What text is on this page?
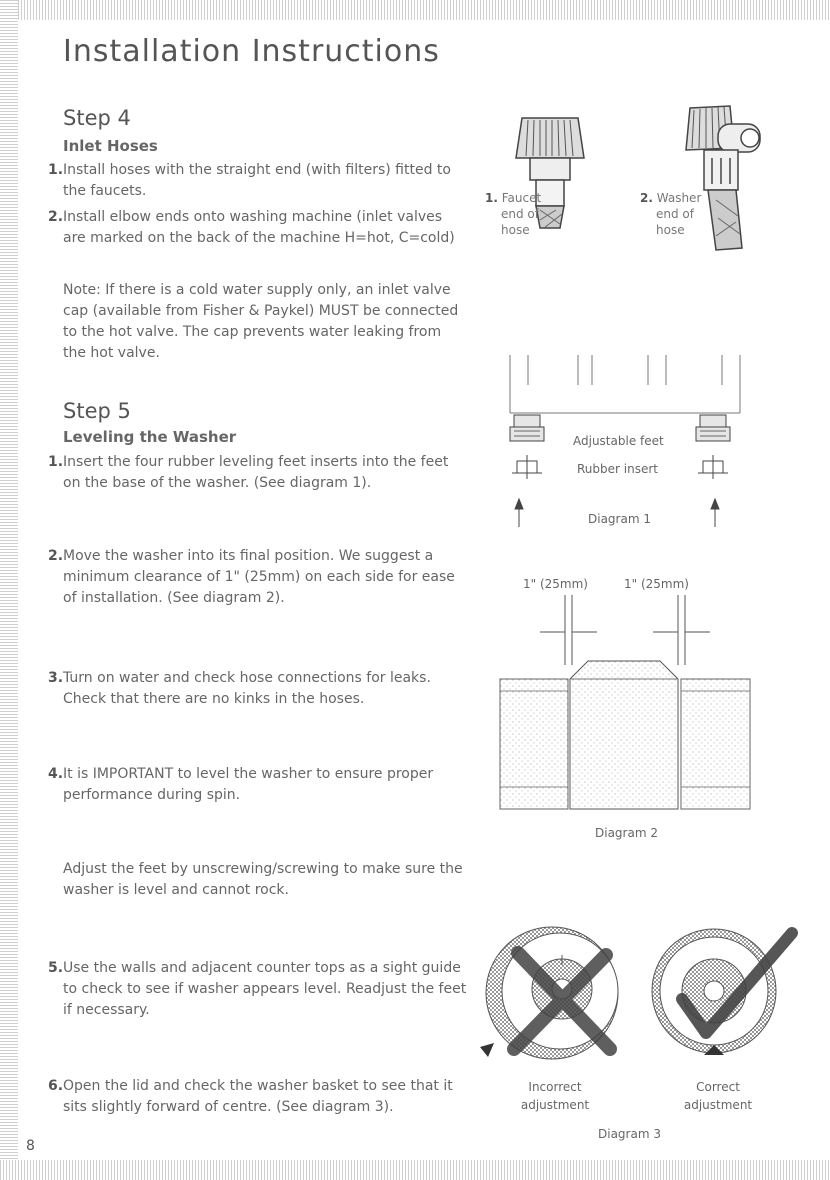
Installation Instructions
Step 4
Inlet Hoses
1. Install hoses with the straight end (with filters) fitted to the faucets.
2. Install elbow ends onto washing machine (inlet valves are marked on the back of the machine H=hot, C=cold)
Note: If there is a cold water supply only, an inlet valve cap (available from Fisher & Paykel) MUST be connected to the hot valve. The cap prevents water leaking from the hot valve.
Step 5
Leveling the Washer
1. Insert the four rubber leveling feet inserts into the feet on the base of the washer. (See diagram 1).
2. Move the washer into its final position. We suggest a minimum clearance of 1" (25mm) on each side for ease of installation. (See diagram 2).
3. Turn on water and check hose connections for leaks. Check that there are no kinks in the hoses.
4. It is IMPORTANT to level the washer to ensure proper performance during spin.
Adjust the feet by unscrewing/screwing to make sure the washer is level and cannot rock.
5. Use the walls and adjacent counter tops as a sight guide to check to see if washer appears level. Readjust the feet if necessary.
6. Open the lid and check the washer basket to see that it sits slightly forward of centre. (See diagram 3).
1. Faucet
end of
hose
2. Washer
end of
hose
Adjustable feet
Rubber insert
Diagram 1
1" (25mm)	1" (25mm)
Diagram 2
Incorrect
adjustment
Correct
adjustment
Diagram 3
8
